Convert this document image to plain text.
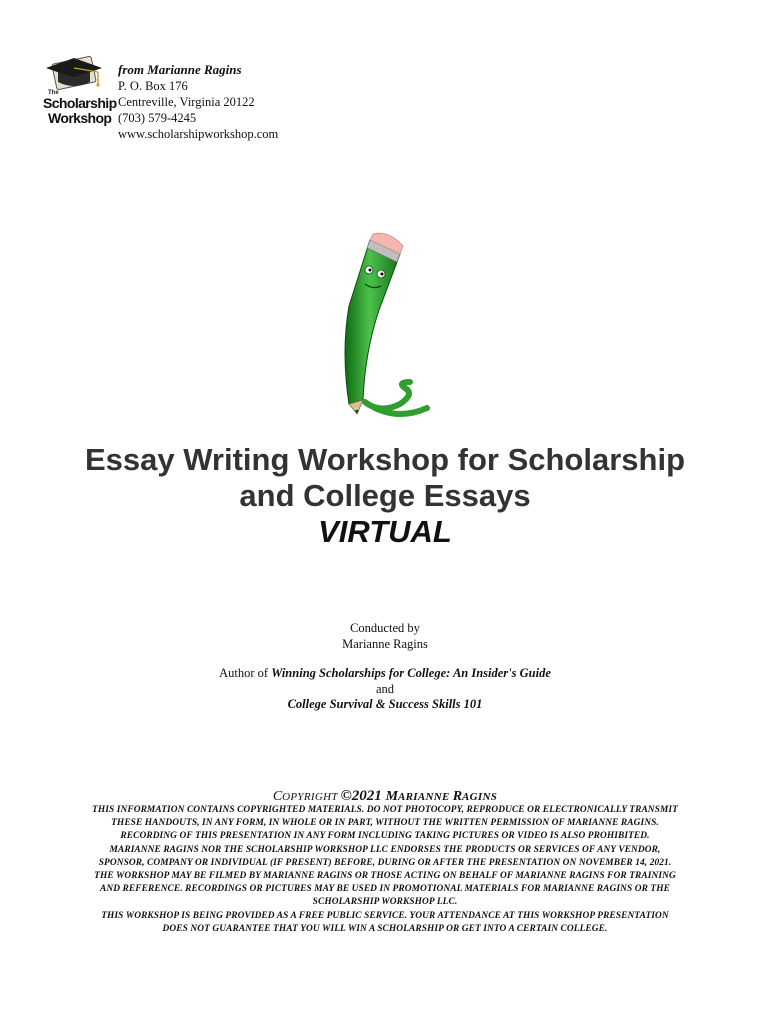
The
Scholarship
Workshop
from Marianne Ragins
P. O. Box 176
Centreville, Virginia 20122
(703) 579-4245
www.scholarshipworkshop.com
Essay Writing Workshop for Scholarship
and College Essays
VIRTUAL
Conducted by
Marianne Ragins
Author of Winning Scholarships for College: An Insider's Guide
and
College Survival & Success Skills 101
COPYRIGHT ©2021 MARIANNE RAGINS

THIS INFORMATION CONTAINS COPYRIGHTED MATERIALS. DO NOT PHOTOCOPY, REPRODUCE OR ELECTRONICALLY TRANSMIT THESE HANDOUTS, IN ANY FORM, IN WHOLE OR IN PART, WITHOUT THE WRITTEN PERMISSION OF MARIANNE RAGINS. RECORDING OF THIS PRESENTATION IN ANY FORM INCLUDING TAKING PICTURES OR VIDEO IS ALSO PROHIBITED.

MARIANNE RAGINS NOR THE SCHOLARSHIP WORKSHOP LLC ENDORSES THE PRODUCTS OR SERVICES OF ANY VENDOR, SPONSOR, COMPANY OR INDIVIDUAL (IF PRESENT) BEFORE, DURING OR AFTER THE PRESENTATION ON NOVEMBER 14, 2021. THE WORKSHOP MAY BE FILMED BY MARIANNE RAGINS OR THOSE ACTING ON BEHALF OF MARIANNE RAGINS FOR TRAINING AND REFERENCE. RECORDINGS OR PICTURES MAY BE USED IN PROMOTIONAL MATERIALS FOR MARIANNE RAGINS OR THE SCHOLARSHIP WORKSHOP LLC.

THIS WORKSHOP IS BEING PROVIDED AS A FREE PUBLIC SERVICE. YOUR ATTENDANCE AT THIS WORKSHOP PRESENTATION DOES NOT GUARANTEE THAT YOU WILL WIN A SCHOLARSHIP OR GET INTO A CERTAIN COLLEGE.
